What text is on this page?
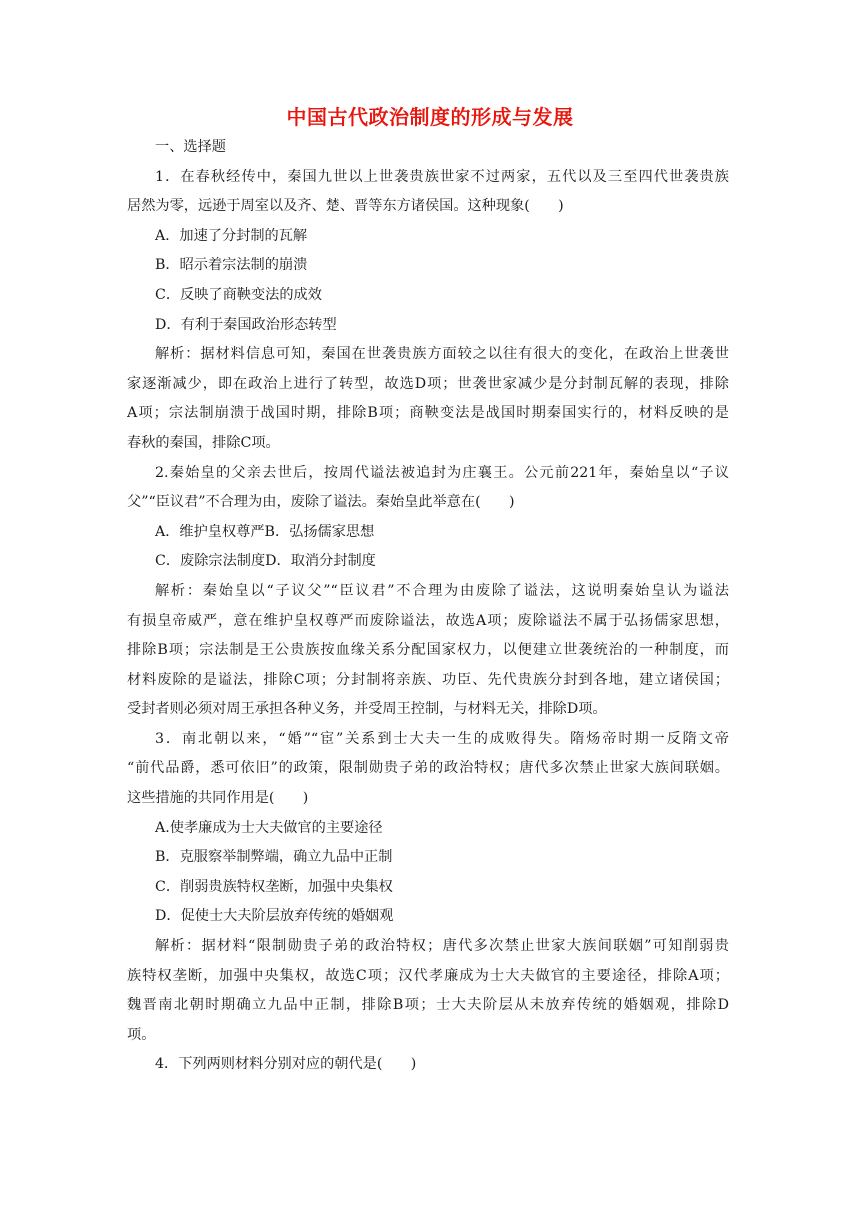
中国古代政治制度的形成与发展
一、选择题
1．在春秋经传中，秦国九世以上世袭贵族世家不过两家，五代以及三至四代世袭贵族
居然为零，远逊于周室以及齐、楚、晋等东方诸侯国。这种现象(　　)
A．加速了分封制的瓦解
B．昭示着宗法制的崩溃
C．反映了商鞅变法的成效
D．有利于秦国政治形态转型
解析：据材料信息可知，秦国在世袭贵族方面较之以往有很大的变化，在政治上世袭世
家逐渐减少，即在政治上进行了转型，故选D项；世袭世家减少是分封制瓦解的表现，排除
A项；宗法制崩溃于战国时期，排除B项；商鞅变法是战国时期秦国实行的，材料反映的是
春秋的秦国，排除C项。
2.秦始皇的父亲去世后，按周代谥法被追封为庄襄王。公元前221年，秦始皇以“子议
父”“臣议君”不合理为由，废除了谥法。秦始皇此举意在(　　)
A．维护皇权尊严B．弘扬儒家思想
C．废除宗法制度D．取消分封制度
解析：秦始皇以“子议父”“臣议君”不合理为由废除了谥法，这说明秦始皇认为谥法
有损皇帝威严，意在维护皇权尊严而废除谥法，故选A项；废除谥法不属于弘扬儒家思想，
排除B项；宗法制是王公贵族按血缘关系分配国家权力，以便建立世袭统治的一种制度，而
材料废除的是谥法，排除C项；分封制将亲族、功臣、先代贵族分封到各地，建立诸侯国；
受封者则必须对周王承担各种义务，并受周王控制，与材料无关，排除D项。
3．南北朝以来，“婚”“宦”关系到士大夫一生的成败得失。隋炀帝时期一反隋文帝
“前代品爵，悉可依旧”的政策，限制勋贵子弟的政治特权；唐代多次禁止世家大族间联姻。
这些措施的共同作用是(　　)
A.使孝廉成为士大夫做官的主要途径
B．克服察举制弊端，确立九品中正制
C．削弱贵族特权垄断，加强中央集权
D．促使士大夫阶层放弃传统的婚姻观
解析：据材料“限制勋贵子弟的政治特权；唐代多次禁止世家大族间联姻”可知削弱贵
族特权垄断，加强中央集权，故选C项；汉代孝廉成为士大夫做官的主要途径，排除A项；
魏晋南北朝时期确立九品中正制，排除B项；士大夫阶层从未放弃传统的婚姻观，排除D
项。
4．下列两则材料分别对应的朝代是(　　)
